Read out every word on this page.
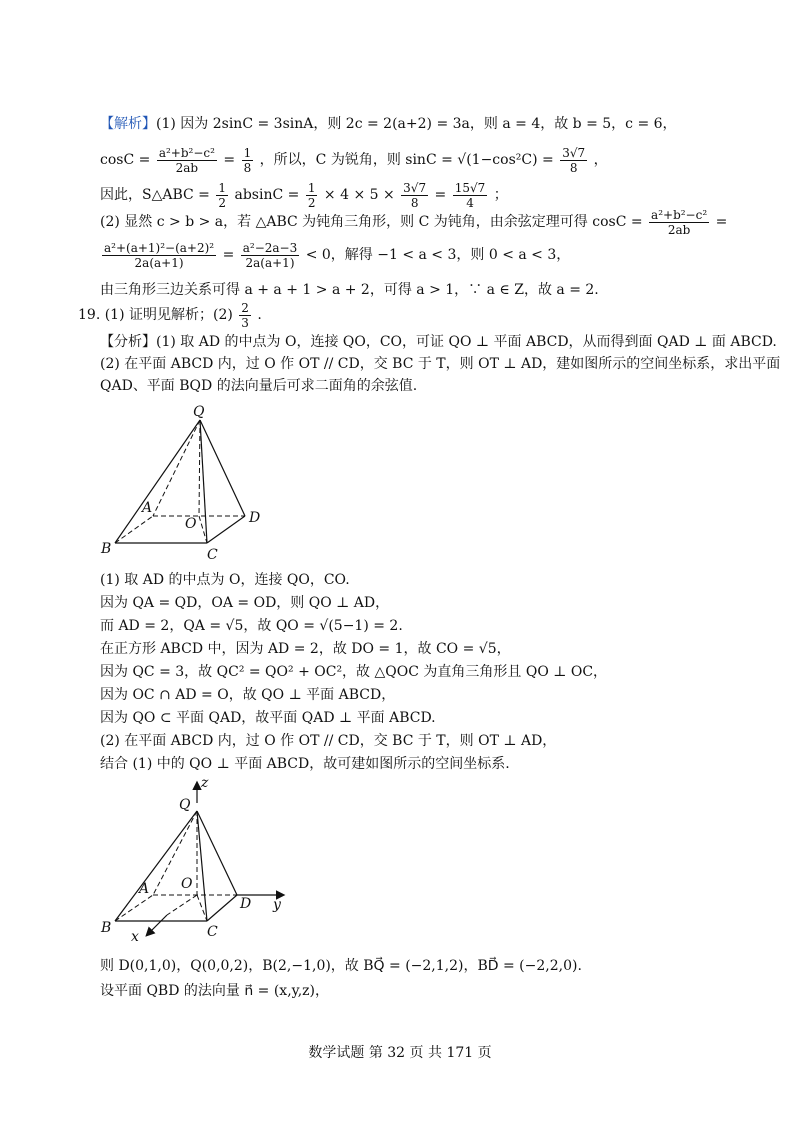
【解析】(1) 因为 2sinC = 3sinA，则 2c = 2(a+2) = 3a，则 a = 4，故 b = 5，c = 6，
$\cos C = \frac{\text{a²+b²−c²}}{2ab} = \frac{1}{8}$ ，所以，C 为锐角，则 $\sin C = √(1-\cos^2C) = \frac{3√7}{8}$ ，
因此，S△ABC = $\frac{1}{2}$ $absinC = \frac{1}{2} \times 4 \times 5 \times \frac{3√7}{8} = \frac{15√7}{4}$ ；
(2) 显然 c > b > a，若 △ABC 为钝角三角形，则 C 为钝角，由余弦定理可得 $\cos C = \frac{\text{a²+b²−c²}}{2ab}$ =
$\frac{\text{a²+(a+1)²−(a+2)²}}{2a(a+1)} = \frac{\text{a²−2a−3}}{2a(a+1)} < 0$，解得 −1 < a < 3，则 0 < a < 3，
由三角形三边关系可得 a + a + 1 > a + 2，可得 a > 1，∵ a ∈ Z，故 a = 2.
19. (1) 证明见解析；$(2) \frac{2}{3}$ .
【分析】(1) 取 AD 的中点为 O，连接 QO，CO，可证 QO ⊥ 平面 ABCD，从而得到面 QAD ⊥ 面 ABCD.
(2) 在平面 ABCD 内，过 O 作 OT // CD，交 BC 于 T，则 OT ⊥ AD，建如图所示的空间坐标系，求出平面
QAD、平面 BQD 的法向量后可求二面角的余弦值.
Q
A
O	D
B	C
(1) 取 AD 的中点为 O，连接 QO，CO.
因为 QA = QD，OA = OD，则 QO ⊥ AD，
而 AD = 2，QA = √5，故 QO = √(5−1) = 2.
在正方形 ABCD 中，因为 AD = 2，故 DO = 1，故 CO = √5，
因为 QC = 3，故 QC² = QO² + OC²，故 △QOC 为直角三角形且 QO ⊥ OC，
因为 OC ∩ AD = O，故 QO ⊥ 平面 ABCD，
因为 QO ⊂ 平面 QAD，故平面 QAD ⊥ 平面 ABCD.
(2) 在平面 ABCD 内，过 O 作 OT // CD，交 BC 于 T，则 OT ⊥ AD，
结合 (1) 中的 QO ⊥ 平面 ABCD，故可建如图所示的空间坐标系.
z
Q
A O
D y
B	C
x
则 D(0,1,0)，Q(0,0,2)，B(2,−1,0)，故 BQ⃗ = (−2,1,2)，BD⃗ = (−2,2,0).
设平面 QBD 的法向量 n⃗ = (x,y,z)，
数学试题 第 32 页 共 171 页
